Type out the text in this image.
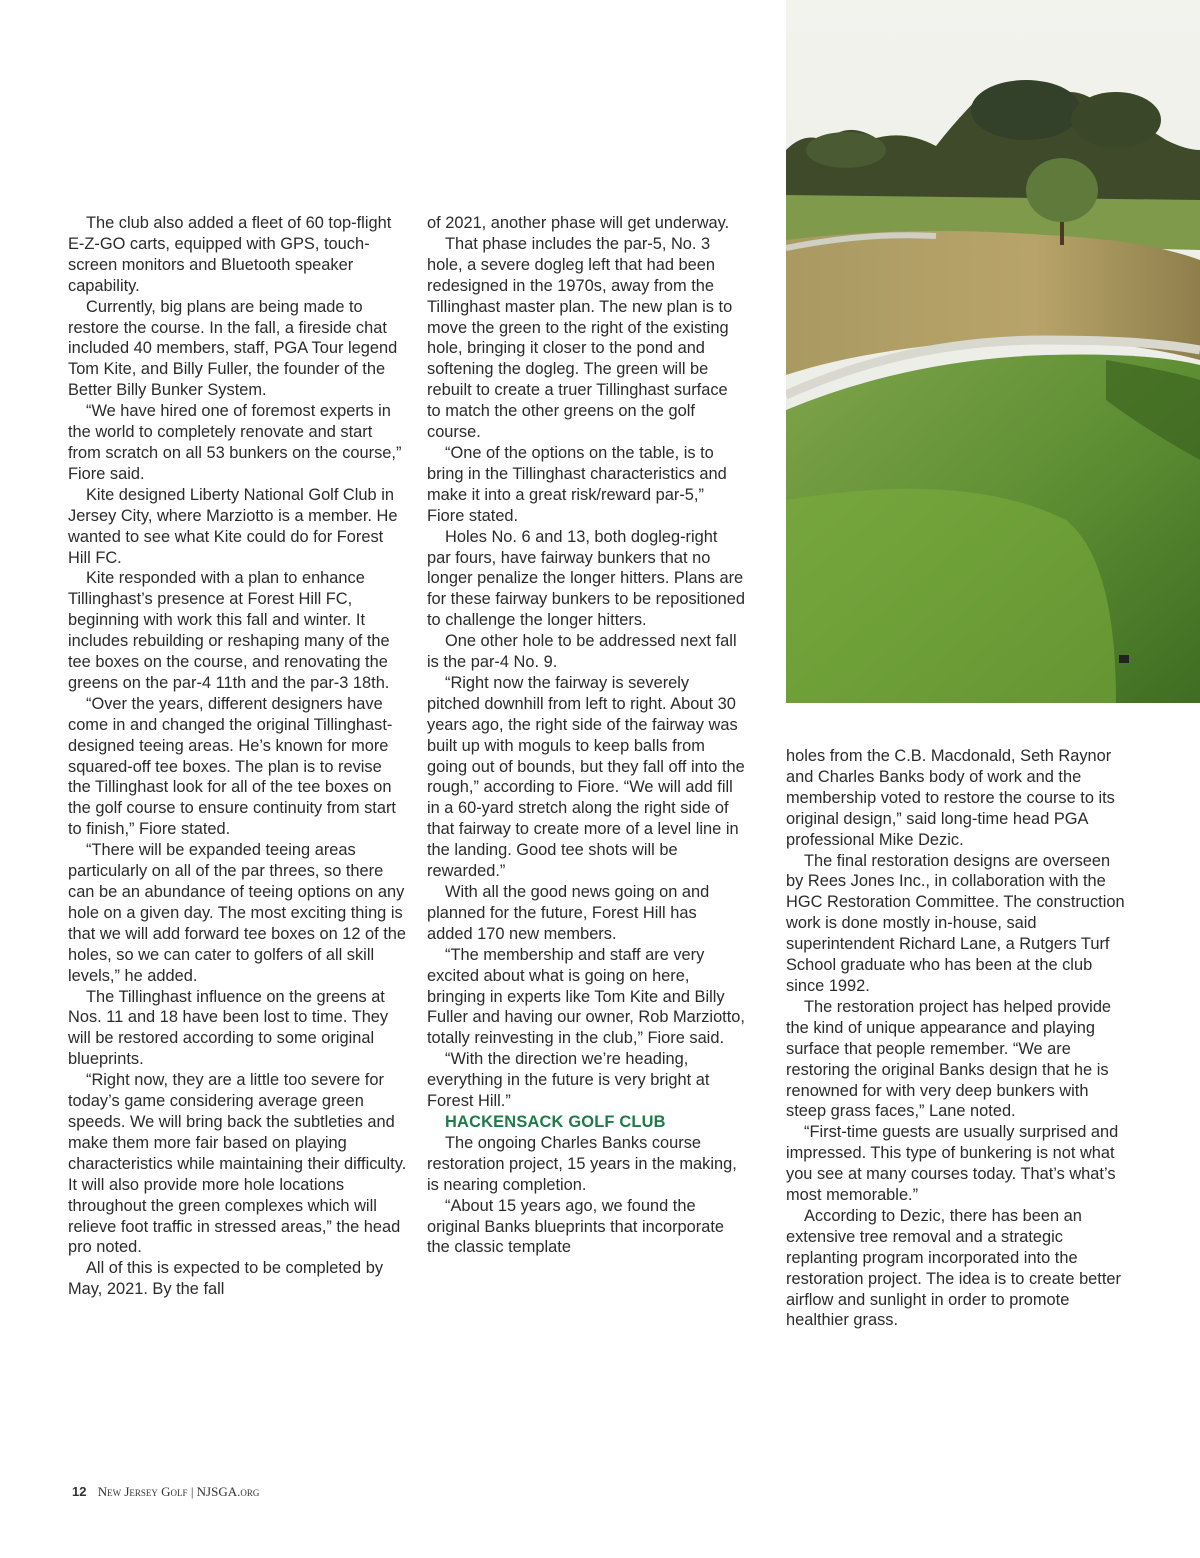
The club also added a fleet of 60 top-flight E-Z-GO carts, equipped with GPS, touch-screen monitors and Bluetooth speaker capability.

Currently, big plans are being made to restore the course. In the fall, a fireside chat included 40 members, staff, PGA Tour legend Tom Kite, and Billy Fuller, the founder of the Better Billy Bunker System.

“We have hired one of foremost experts in the world to completely renovate and start from scratch on all 53 bunkers on the course,” Fiore said.

Kite designed Liberty National Golf Club in Jersey City, where Marziotto is a member. He wanted to see what Kite could do for Forest Hill FC.

Kite responded with a plan to enhance Tillinghast’s presence at Forest Hill FC, beginning with work this fall and winter. It includes rebuilding or reshaping many of the tee boxes on the course, and renovating the greens on the par-4 11th and the par-3 18th.

“Over the years, different designers have come in and changed the original Tillinghast-designed teeing areas. He’s known for more squared-off tee boxes. The plan is to revise the Tillinghast look for all of the tee boxes on the golf course to ensure continuity from start to finish,” Fiore stated.

“There will be expanded teeing areas particularly on all of the par threes, so there can be an abundance of teeing options on any hole on a given day. The most exciting thing is that we will add forward tee boxes on 12 of the holes, so we can cater to golfers of all skill levels,” he added.

The Tillinghast influence on the greens at Nos. 11 and 18 have been lost to time. They will be restored according to some original blueprints.

“Right now, they are a little too severe for today’s game considering average green speeds. We will bring back the subtleties and make them more fair based on playing characteristics while maintaining their difficulty. It will also provide more hole locations throughout the green complexes which will relieve foot traffic in stressed areas,” the head pro noted.

All of this is expected to be completed by May, 2021. By the fall

of 2021, another phase will get underway.

That phase includes the par-5, No. 3 hole, a severe dogleg left that had been redesigned in the 1970s, away from the Tillinghast master plan. The new plan is to move the green to the right of the existing hole, bringing it closer to the pond and softening the dogleg. The green will be rebuilt to create a truer Tillinghast surface to match the other greens on the golf course.

“One of the options on the table, is to bring in the Tillinghast characteristics and make it into a great risk/reward par-5,” Fiore stated.

Holes No. 6 and 13, both dogleg-right par fours, have fairway bunkers that no longer penalize the longer hitters. Plans are for these fairway bunkers to be repositioned to challenge the longer hitters.

One other hole to be addressed next fall is the par-4 No. 9.

“Right now the fairway is severely pitched downhill from left to right. About 30 years ago, the right side of the fairway was built up with moguls to keep balls from going out of bounds, but they fall off into the rough,” according to Fiore. “We will add fill in a 60-yard stretch along the right side of that fairway to create more of a level line in the landing. Good tee shots will be rewarded.”

With all the good news going on and planned for the future, Forest Hill has added 170 new members.

“The membership and staff are very excited about what is going on here, bringing in experts like Tom Kite and Billy Fuller and having our owner, Rob Marziotto, totally reinvesting in the club,” Fiore said.

“With the direction we’re heading, everything in the future is very bright at Forest Hill.”

HACKENSACK GOLF CLUB

The ongoing Charles Banks course restoration project, 15 years in the making, is nearing completion.

“About 15 years ago, we found the original Banks blueprints that incorporate the classic template

holes from the C.B. Macdonald, Seth Raynor and Charles Banks body of work and the membership voted to restore the course to its original design,” said long-time head PGA professional Mike Dezic.

The final restoration designs are overseen by Rees Jones Inc., in collaboration with the HGC Restoration Committee. The construction work is done mostly in-house, said superintendent Richard Lane, a Rutgers Turf School graduate who has been at the club since 1992.

The restoration project has helped provide the kind of unique appearance and playing surface that people remember. “We are restoring the original Banks design that he is renowned for with very deep bunkers with steep grass faces,” Lane noted.

“First-time guests are usually surprised and impressed. This type of bunkering is not what you see at many courses today. That’s what’s most memorable.”

According to Dezic, there has been an extensive tree removal and a strategic replanting program incorporated into the restoration project. The idea is to create better airflow and sunlight in order to promote healthier grass.

12 New Jersey Golf | NJSGA.org
